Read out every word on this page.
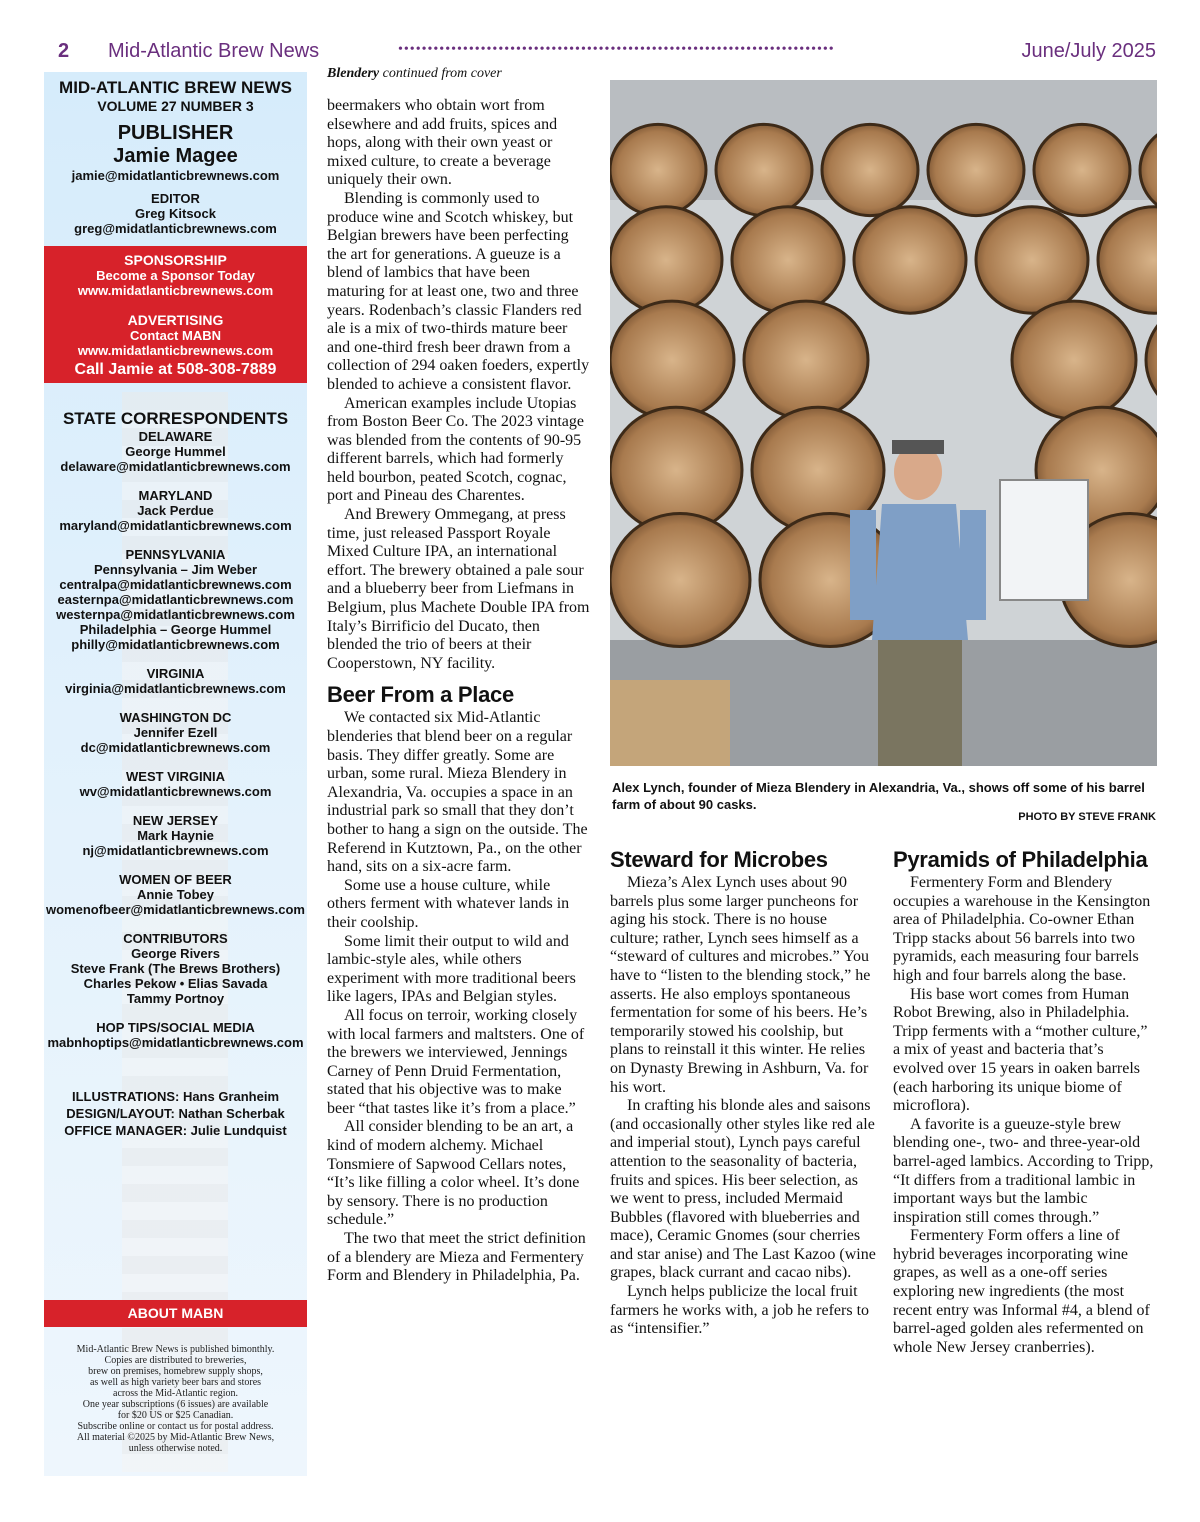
2 Mid-Atlantic Brew News	••••••••••••••••••••••••••••••••••••••••••••••••••••••••••••••••••••••••••	June/July 2025
MID-ATLANTIC BREW NEWS
VOLUME 27 NUMBER 3
PUBLISHER
Jamie Magee
jamie@midatlanticbrewnews.com
EDITOR
Greg Kitsock
greg@midatlanticbrewnews.com
SPONSORSHIP
Become a Sponsor Today
www.midatlanticbrewnews.com
ADVERTISING
Contact MABN
www.midatlanticbrewnews.com
Call Jamie at 508-308-7889
STATE CORRESPONDENTS
DELAWARE
George Hummel
delaware@midatlanticbrewnews.com
MARYLAND
Jack Perdue
maryland@midatlanticbrewnews.com
PENNSYLVANIA
Pennsylvania – Jim Weber
centralpa@midatlanticbrewnews.com
easternpa@midatlanticbrewnews.com
westernpa@midatlanticbrewnews.com
Philadelphia – George Hummel
philly@midatlanticbrewnews.com
VIRGINIA
virginia@midatlanticbrewnews.com
WASHINGTON DC
Jennifer Ezell
dc@midatlanticbrewnews.com
WEST VIRGINIA
wv@midatlanticbrewnews.com
NEW JERSEY
Mark Haynie
nj@midatlanticbrewnews.com
WOMEN OF BEER
Annie Tobey
womenofbeer@midatlanticbrewnews.com
CONTRIBUTORS
George Rivers
Steve Frank (The Brews Brothers)
Charles Pekow • Elias Savada
Tammy Portnoy
HOP TIPS/SOCIAL MEDIA
mabnhoptips@midatlanticbrewnews.com
ILLUSTRATIONS: Hans Granheim
DESIGN/LAYOUT: Nathan Scherbak
OFFICE MANAGER: Julie Lundquist
ABOUT MABN
Mid-Atlantic Brew News is published bimonthly.
Copies are distributed to breweries,
brew on premises, homebrew supply shops,
as well as high variety beer bars and stores
across the Mid-Atlantic region.
One year subscriptions (6 issues) are available
for $20 US or $25 Canadian.
Subscribe online or contact us for postal address.
All material ©2025 by Mid-Atlantic Brew News,
unless otherwise noted.
Blendery continued from cover

beermakers who obtain wort from elsewhere and add fruits, spices and hops, along with their own yeast or mixed culture, to create a beverage uniquely their own.

Blending is commonly used to produce wine and Scotch whiskey, but Belgian brewers have been perfecting the art for generations. A gueuze is a blend of lambics that have been maturing for at least one, two and three years. Rodenbach’s classic Flanders red ale is a mix of two-thirds mature beer and one-third fresh beer drawn from a collection of 294 oaken foeders, expertly blended to achieve a consistent flavor.

American examples include Utopias from Boston Beer Co. The 2023 vintage was blended from the contents of 90-95 different barrels, which had formerly held bourbon, peated Scotch, cognac, port and Pineau des Charentes.

And Brewery Ommegang, at press time, just released Passport Royale Mixed Culture IPA, an international effort. The brewery obtained a pale sour and a blueberry beer from Liefmans in Belgium, plus Machete Double IPA from Italy’s Birrificio del Ducato, then blended the trio of beers at their Cooperstown, NY facility.

Beer From a Place

We contacted six Mid-Atlantic blenderies that blend beer on a regular basis. They differ greatly. Some are urban, some rural. Mieza Blendery in Alexandria, Va. occupies a space in an industrial park so small that they don’t bother to hang a sign on the outside. The Referend in Kutztown, Pa., on the other hand, sits on a six-acre farm.

Some use a house culture, while others ferment with whatever lands in their coolship.

Some limit their output to wild and lambic-style ales, while others experiment with more traditional beers like lagers, IPAs and Belgian styles.

All focus on terroir, working closely with local farmers and maltsters. One of the brewers we interviewed, Jennings Carney of Penn Druid Fermentation, stated that his objective was to make beer “that tastes like it’s from a place.”

All consider blending to be an art, a kind of modern alchemy. Michael Tonsmiere of Sapwood Cellars notes, “It’s like filling a color wheel. It’s done by sensory. There is no production schedule.”

The two that meet the strict definition of a blendery are Mieza and Fermentery Form and Blendery in Philadelphia, Pa.

Alex Lynch, founder of Mieza Blendery in Alexandria, Va., shows off some of his barrel farm of about 90 casks.
PHOTO BY STEVE FRANK
Steward for Microbes

Mieza’s Alex Lynch uses about 90 barrels plus some larger puncheons for aging his stock. There is no house culture; rather, Lynch sees himself as a “steward of cultures and microbes.” You have to “listen to the blending stock,” he asserts. He also employs spontaneous fermentation for some of his beers. He’s temporarily stowed his coolship, but plans to reinstall it this winter. He relies on Dynasty Brewing in Ashburn, Va. for his wort.

In crafting his blonde ales and saisons (and occasionally other styles like red ale and imperial stout), Lynch pays careful attention to the seasonality of bacteria, fruits and spices. His beer selection, as we went to press, included Mermaid Bubbles (flavored with blueberries and mace), Ceramic Gnomes (sour cherries and star anise) and The Last Kazoo (wine grapes, black currant and cacao nibs).

Lynch helps publicize the local fruit farmers he works with, a job he refers to as “intensifier.”

Pyramids of Philadelphia

Fermentery Form and Blendery occupies a warehouse in the Kensington area of Philadelphia. Co-owner Ethan Tripp stacks about 56 barrels into two pyramids, each measuring four barrels high and four barrels along the base.

His base wort comes from Human Robot Brewing, also in Philadelphia. Tripp ferments with a “mother culture,” a mix of yeast and bacteria that’s evolved over 15 years in oaken barrels (each harboring its unique biome of microflora).

A favorite is a gueuze-style brew blending one-, two- and three-year-old barrel-aged lambics. According to Tripp, “It differs from a traditional lambic in important ways but the lambic inspiration still comes through.”

Fermentery Form offers a line of hybrid beverages incorporating wine grapes, as well as a one-off series exploring new ingredients (the most recent entry was Informal #4, a blend of barrel-aged golden ales refermented on whole New Jersey cranberries).
